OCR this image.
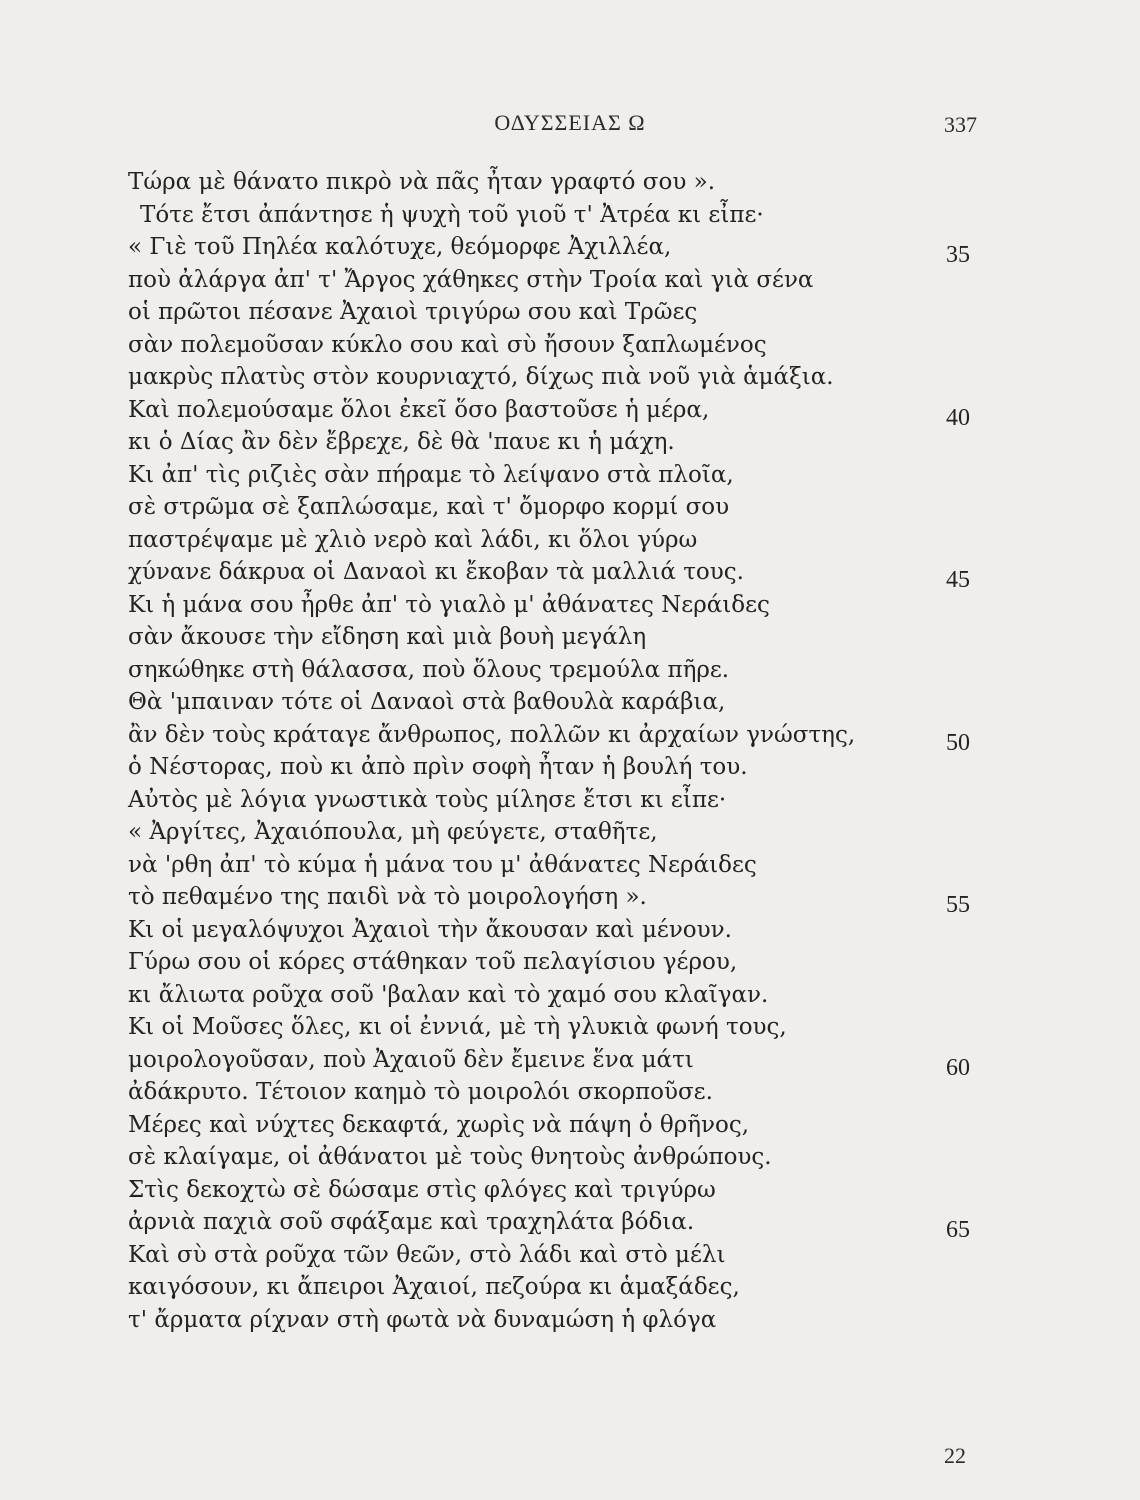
ΟΔΥΣΣΕΙΑΣ Ω	337
Τώρα μὲ θάνατο πικρὸ νὰ πᾶς ἦταν γραφτό σου ».
Τότε ἔτσι ἀπάντησε ἡ ψυχὴ τοῦ γιοῦ τ' Ἀτρέα κι εἶπε·
« Γιὲ τοῦ Πηλέα καλότυχε, θεόμορφε Ἀχιλλέα,	35
ποὺ ἀλάργα ἀπ' τ' Ἄργος χάθηκες στὴν Τροία καὶ γιὰ σένα
οἱ πρῶτοι πέσανε Ἀχαιοὶ τριγύρω σου καὶ Τρῶες
σὰν πολεμοῦσαν κύκλο σου καὶ σὺ ἤσουν ξαπλωμένος
μακρὺς πλατὺς στὸν κουρνιαχτό, δίχως πιὰ νοῦ γιὰ ἁμάξια.
Καὶ πολεμούσαμε ὅλοι ἐκεῖ ὅσο βαστοῦσε ἡ μέρα,	40
κι ὁ Δίας ἂν δὲν ἔβρεχε, δὲ θὰ 'παυε κι ἡ μάχη.
Κι ἀπ' τὶς ριζιὲς σὰν πήραμε τὸ λείψανο στὰ πλοῖα,
σὲ στρῶμα σὲ ξαπλώσαμε, καὶ τ' ὄμορφο κορμί σου
παστρέψαμε μὲ χλιὸ νερὸ καὶ λάδι, κι ὅλοι γύρω
χύνανε δάκρυα οἱ Δαναοὶ κι ἔκοβαν τὰ μαλλιά τους.	45
Κι ἡ μάνα σου ἦρθε ἀπ' τὸ γιαλὸ μ' ἀθάνατες Νεράιδες
σὰν ἄκουσε τὴν εἴδηση καὶ μιὰ βουὴ μεγάλη
σηκώθηκε στὴ θάλασσα, ποὺ ὅλους τρεμούλα πῆρε.
Θὰ 'μπαιναν τότε οἱ Δαναοὶ στὰ βαθουλὰ καράβια,
ἂν δὲν τοὺς κράταγε ἄνθρωπος, πολλῶν κι ἀρχαίων γνώστης,	50
ὁ Νέστορας, ποὺ κι ἀπὸ πρὶν σοφὴ ἦταν ἡ βουλή του.
Αὐτὸς μὲ λόγια γνωστικὰ τοὺς μίλησε ἔτσι κι εἶπε·
« Ἀργίτες, Ἀχαιόπουλα, μὴ φεύγετε, σταθῆτε,
νὰ 'ρθη ἀπ' τὸ κύμα ἡ μάνα του μ' ἀθάνατες Νεράιδες
τὸ πεθαμένο της παιδὶ νὰ τὸ μοιρολογήση ».	55
Κι οἱ μεγαλόψυχοι Ἀχαιοὶ τὴν ἄκουσαν καὶ μένουν.
Γύρω σου οἱ κόρες στάθηκαν τοῦ πελαγίσιου γέρου,
κι ἄλιωτα ροῦχα σοῦ 'βαλαν καὶ τὸ χαμό σου κλαῖγαν.
Κι οἱ Μοῦσες ὅλες, κι οἱ ἐννιά, μὲ τὴ γλυκιὰ φωνή τους,
μοιρολογοῦσαν, ποὺ Ἀχαιοῦ δὲν ἔμεινε ἕνα μάτι	60
ἀδάκρυτο. Τέτοιον καημὸ τὸ μοιρολόι σκορποῦσε.
Μέρες καὶ νύχτες δεκαφτά, χωρὶς νὰ πάψη ὁ θρῆνος,
σὲ κλαίγαμε, οἱ ἀθάνατοι μὲ τοὺς θνητοὺς ἀνθρώπους.
Στὶς δεκοχτὼ σὲ δώσαμε στὶς φλόγες καὶ τριγύρω
ἀρνιὰ παχιὰ σοῦ σφάξαμε καὶ τραχηλάτα βόδια.	65
Καὶ σὺ στὰ ροῦχα τῶν θεῶν, στὸ λάδι καὶ στὸ μέλι
καιγόσουν, κι ἄπειροι Ἀχαιοί, πεζούρα κι ἁμαξάδες,
τ' ἄρματα ρίχναν στὴ φωτὰ νὰ δυναμώση ἡ φλόγα
22
